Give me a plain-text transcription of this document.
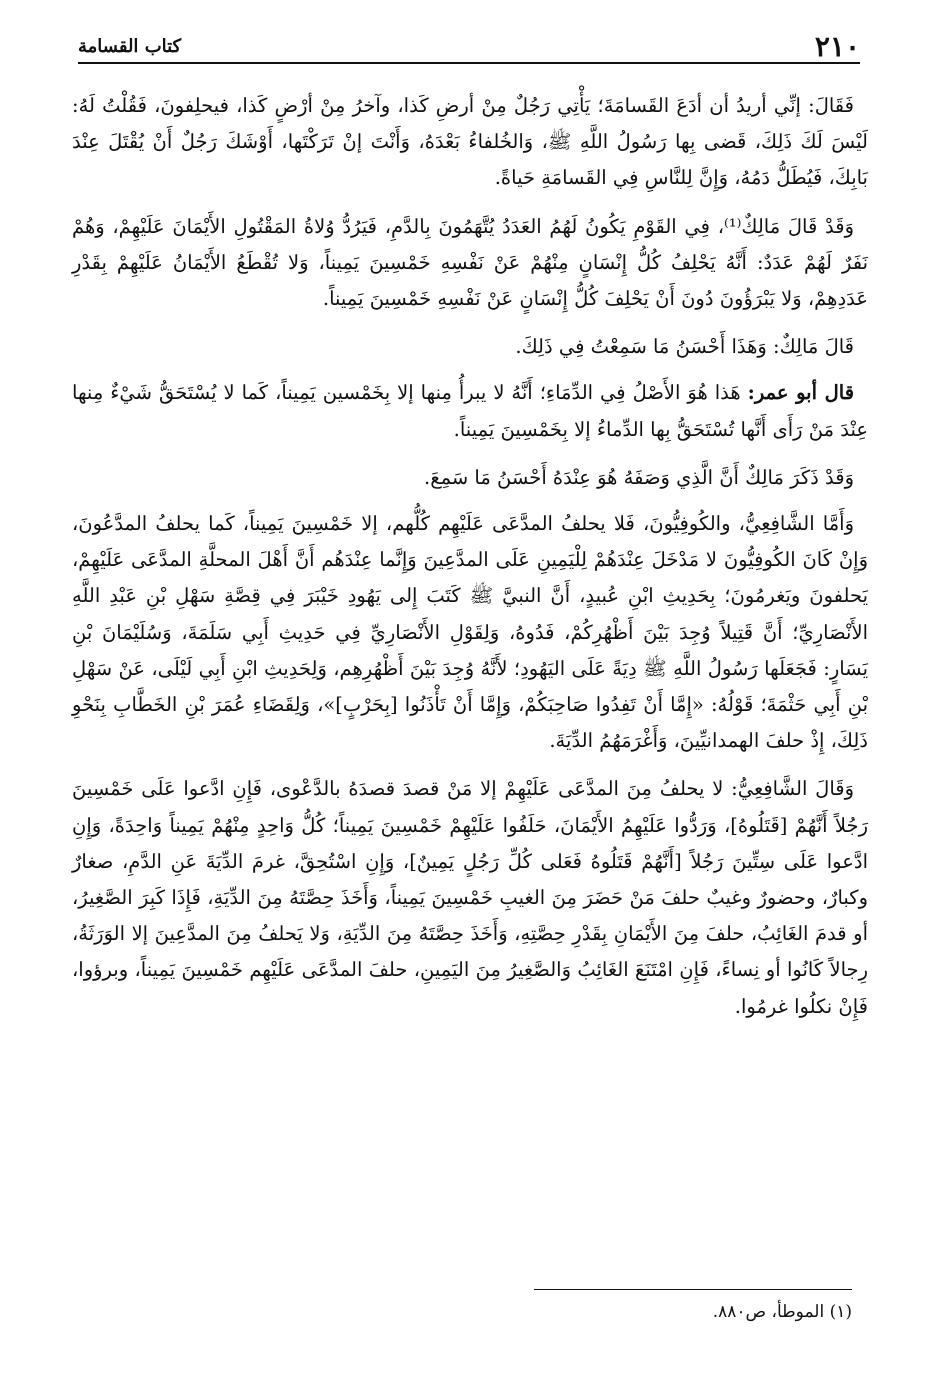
٢١٠
كتاب القسامة

فَقَالَ: إنِّي أريدُ أن أدَعَ القَسامَةَ؛ يَأْتِي رَجُلٌ مِنْ أرضِ كَذا، وآخرُ مِنْ أرْضٍ كَذا، فيحلِفونَ، فَقُلْتُ لَهُ: لَيْسَ لَكَ ذَلِكَ، قَضى بِها رَسُولُ اللَّهِ ﷺ، وَالخُلفاءُ بَعْدَهُ، وَأَنْتَ إنْ تَرَكْتَها، أَوْشَكَ رَجُلٌ أَنْ يُقْتَلَ عِنْدَ بَابِكَ، فَيُطَلُّ دَمُهُ، وَإِنَّ لِلنَّاسِ فِي القَسامَةِ حَياةً.

وَقَدْ قَالَ مَالِكٌ⁽¹⁾، فِي القَوْمِ يَكُونُ لَهُمُ العَدَدُ يُتَّهَمُونَ بِالدَّمِ، فَيَرُدُّ وُلاةُ المَقْتُولِ الأَيْمَانَ عَلَيْهِمْ، وَهُمْ نَفَرٌ لَهُمْ عَدَدٌ: أَنَّهُ يَحْلِفُ كُلُّ إِنْسَانٍ مِنْهُمْ عَنْ نَفْسِهِ خَمْسِينَ يَمِيناً، وَلا تُقْطَعُ الأَيْمَانُ عَلَيْهِمْ بِقَدْرِ عَدَدِهِمْ، وَلا يَبْرَؤُونَ دُونَ أَنْ يَحْلِفَ كُلُّ إِنْسَانٍ عَنْ نَفْسِهِ خَمْسِينَ يَمِيناً.

قَالَ مَالِكٌ: وَهَذَا أَحْسَنُ مَا سَمِعْتُ فِي ذَلِكَ.

قال أبو عمر: هَذا هُوَ الأَصْلُ فِي الدِّمَاءِ؛ أَنَّهُ لا يبرأُ مِنها إلا بِخَمْسين يَمِيناً، كَما لا يُسْتَحَقُّ شَيْءٌ مِنها عِنْدَ مَنْ رَأَى أَنَّها تُسْتَحَقُّ بِها الدِّماءُ إلا بِخَمْسِينَ يَمِيناً.

وَقَدْ ذَكَرَ مَالِكٌ أَنَّ الَّذِي وَصَفَهُ هُوَ عِنْدَهُ أَحْسَنُ مَا سَمِعَ.

وَأَمَّا الشَّافِعِيُّ، والكُوفِيُّونَ، فَلا يحلفُ المدَّعَى عَلَيْهِم كُلُّهم، إلا خَمْسِينَ يَمِيناً، كَما يحلفُ المدَّعُونَ، وَإِنْ كَانَ الكُوفِيُّونَ لا مَدْخَلَ عِنْدَهُمْ لِلْيَمِينِ عَلَى المدَّعِينَ وَإِنَّما عِنْدَهُم أَنَّ أَهْلَ المحلَّةِ المدَّعَى عَلَيْهِمْ، يَحلفونَ ويَغرمُونَ؛ بِحَدِيثِ ابْنِ عُبيدٍ، أَنَّ النبيَّ ﷺ كَتَبَ إِلى يَهُودِ خَيْبَرَ فِي قِصَّةِ سَهْلِ بْنِ عَبْدِ اللَّهِ الأَنْصَارِيِّ؛ أَنَّ قَتِيلاً وُجِدَ بَيْنَ أَظْهُرِكُمْ، فَدُوهُ، وَلِقَوْلِ الأَنْصَارِيِّ فِي حَدِيثِ أَبِي سَلَمَةَ، وَسُلَيْمَانَ بْنِ يَسَارٍ: فَجَعَلَها رَسُولُ اللَّهِ ﷺ دِيَةً عَلَى اليَهُودِ؛ لأَنَّهُ وُجِدَ بَيْنَ أَظْهُرِهِم، وَلِحَدِيثِ ابْنِ أَبِي لَيْلَى، عَنْ سَهْلِ بْنِ أَبِي حَثْمَةَ؛ قَوْلُهُ: «إِمَّا أَنْ تَفِدُوا صَاحِبَكُمْ، وَإِمَّا أَنْ تَأْذَنُوا [بِحَرْبٍ]»، وَلِقَضَاءِ عُمَرَ بْنِ الخَطَّابِ بِنَحْوِ ذَلِكَ، إِذْ حلفَ الهمدانيِّينَ، وَأَغْرَمَهُمُ الدِّيَةَ.

وَقَالَ الشَّافِعِيُّ: لا يحلفُ مِنَ المدَّعَى عَلَيْهِمْ إلا مَنْ قصدَ قصدَهُ بالدَّعْوى، فَإِنِ ادَّعوا عَلَى خَمْسِينَ رَجُلاً أَنَّهُمْ [قَتَلُوهُ]، وَرَدُّوا عَلَيْهِمُ الأَيْمَانَ، حَلَفُوا عَلَيْهِمْ خَمْسِينَ يَمِيناً؛ كُلُّ وَاحِدٍ مِنْهُمْ يَمِيناً وَاحِدَةً، وَإِنِ ادَّعوا عَلَى سِتِّينَ رَجُلاً [أَنَّهُمْ قَتَلُوهُ فَعَلى كُلِّ رَجُلٍ يَمِينٌ]، وَإِنِ اسْتُحِقَّ، غرمَ الدِّيَةَ عَنِ الدَّمِ، صغارٌ وكبارٌ، وحضورٌ وغيبٌ حلفَ مَنْ حَضَرَ مِنَ الغيبِ خَمْسِينَ يَمِيناً، وَأَخَذَ حِصَّتَهُ مِنَ الدِّيَةِ، فَإِذَا كَبِرَ الصَّغِيرُ، أو قدمَ الغَائِبُ، حلفَ مِنَ الأَيْمَانِ بِقَدْرِ حِصَّتِهِ، وَأَخَذَ حِصَّتَهُ مِنَ الدِّيَةِ، وَلا يَحلفُ مِنَ المدَّعِينَ إلا الوَرَثَةُ، رِجالاً كَانُوا أو نِساءً، فَإِنِ امْتَنَعَ الغَائِبُ وَالصَّغِيرُ مِنَ اليَمِينِ، حلفَ المدَّعَى عَلَيْهِم خَمْسِينَ يَمِيناً، وبرؤوا، فَإِنْ نكلُوا غرمُوا.

(١) الموطأ، ص٨٨٠.
